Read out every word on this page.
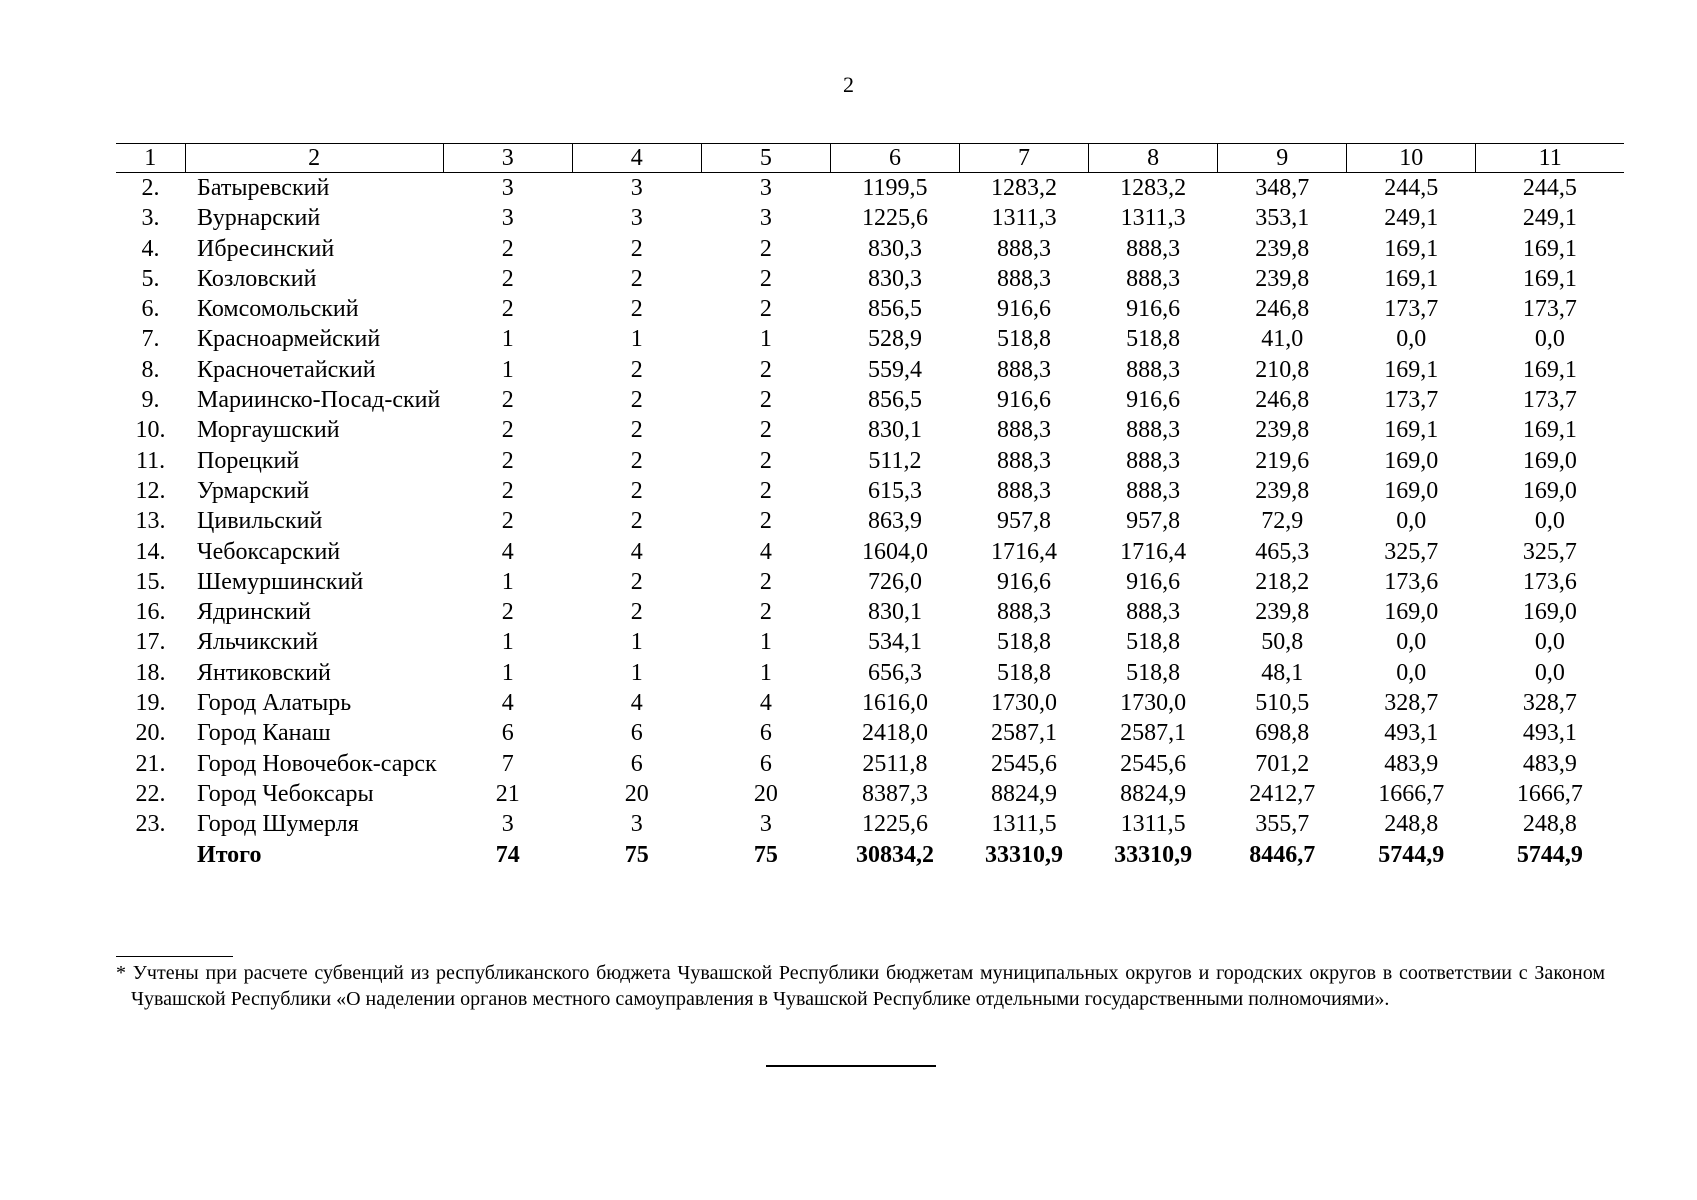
2
1	2	3	4	5	6	7	8	9	10	11
2.	Батыревский	3	3	3	1199,5	1283,2	1283,2	348,7	244,5	244,5
3.	Вурнарский	3	3	3	1225,6	1311,3	1311,3	353,1	249,1	249,1
4.	Ибресинский	2	2	2	830,3	888,3	888,3	239,8	169,1	169,1
5.	Козловский	2	2	2	830,3	888,3	888,3	239,8	169,1	169,1
6.	Комсомольский	2	2	2	856,5	916,6	916,6	246,8	173,7	173,7
7.	Красноармейский	1	1	1	528,9	518,8	518,8	41,0	0,0	0,0
8.	Красночетайский	1	2	2	559,4	888,3	888,3	210,8	169,1	169,1
9.	Мариинско-Посад-ский	2	2	2	856,5	916,6	916,6	246,8	173,7	173,7
10.	Моргаушский	2	2	2	830,1	888,3	888,3	239,8	169,1	169,1
11.	Порецкий	2	2	2	511,2	888,3	888,3	219,6	169,0	169,0
12.	Урмарский	2	2	2	615,3	888,3	888,3	239,8	169,0	169,0
13.	Цивильский	2	2	2	863,9	957,8	957,8	72,9	0,0	0,0
14.	Чебоксарский	4	4	4	1604,0	1716,4	1716,4	465,3	325,7	325,7
15.	Шемуршинский	1	2	2	726,0	916,6	916,6	218,2	173,6	173,6
16.	Ядринский	2	2	2	830,1	888,3	888,3	239,8	169,0	169,0
17.	Яльчикский	1	1	1	534,1	518,8	518,8	50,8	0,0	0,0
18.	Янтиковский	1	1	1	656,3	518,8	518,8	48,1	0,0	0,0
19.	Город Алатырь	4	4	4	1616,0	1730,0	1730,0	510,5	328,7	328,7
20.	Город Канаш	6	6	6	2418,0	2587,1	2587,1	698,8	493,1	493,1
21.	Город Новочебок-сарск	7	6	6	2511,8	2545,6	2545,6	701,2	483,9	483,9
22.	Город Чебоксары	21	20	20	8387,3	8824,9	8824,9	2412,7	1666,7	1666,7
23.	Город Шумерля	3	3	3	1225,6	1311,5	1311,5	355,7	248,8	248,8
	Итого	74	75	75	30834,2	33310,9	33310,9	8446,7	5744,9	5744,9
* Учтены при расчете субвенций из республиканского бюджета Чувашской Республики бюджетам муниципальных округов и городских округов в соответствии с Законом Чувашской Республики «О наделении органов местного самоуправления в Чувашской Республике отдельными государственными полномочиями».
